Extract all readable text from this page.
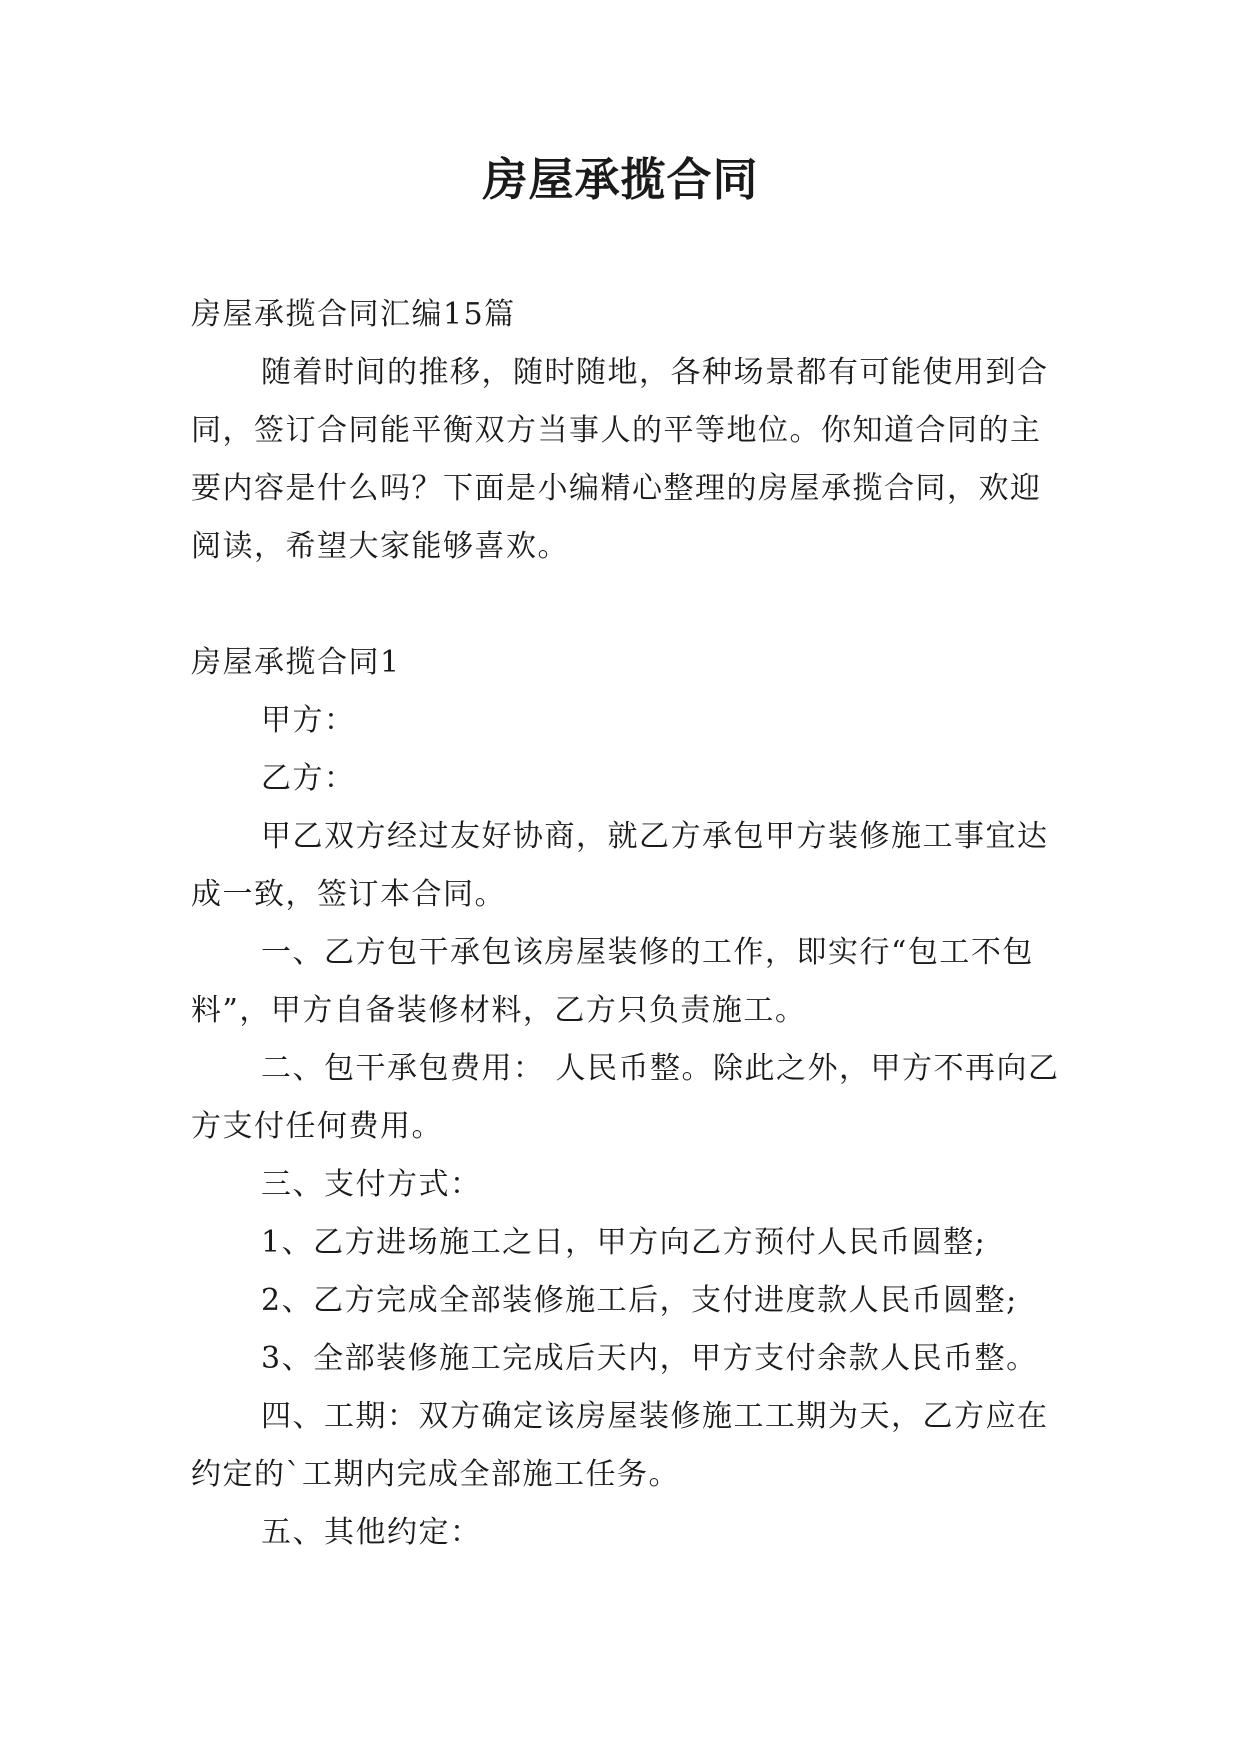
房屋承揽合同

房屋承揽合同汇编15篇

随着时间的推移，随时随地，各种场景都有可能使用到合同，签订合同能平衡双方当事人的平等地位。你知道合同的主要内容是什么吗？下面是小编精心整理的房屋承揽合同，欢迎阅读，希望大家能够喜欢。

房屋承揽合同1

甲方：

乙方：

甲乙双方经过友好协商，就乙方承包甲方装修施工事宜达成一致，签订本合同。

一、乙方包干承包该房屋装修的工作，即实行“包工不包料”，甲方自备装修材料，乙方只负责施工。

二、包干承包费用： 人民币整。除此之外，甲方不再向乙方支付任何费用。

三、支付方式：

1、乙方进场施工之日，甲方向乙方预付人民币圆整;

2、乙方完成全部装修施工后，支付进度款人民币圆整;

3、全部装修施工完成后天内，甲方支付余款人民币整。

四、工期：双方确定该房屋装修施工工期为天，乙方应在约定的`工期内完成全部施工任务。

五、其他约定：
